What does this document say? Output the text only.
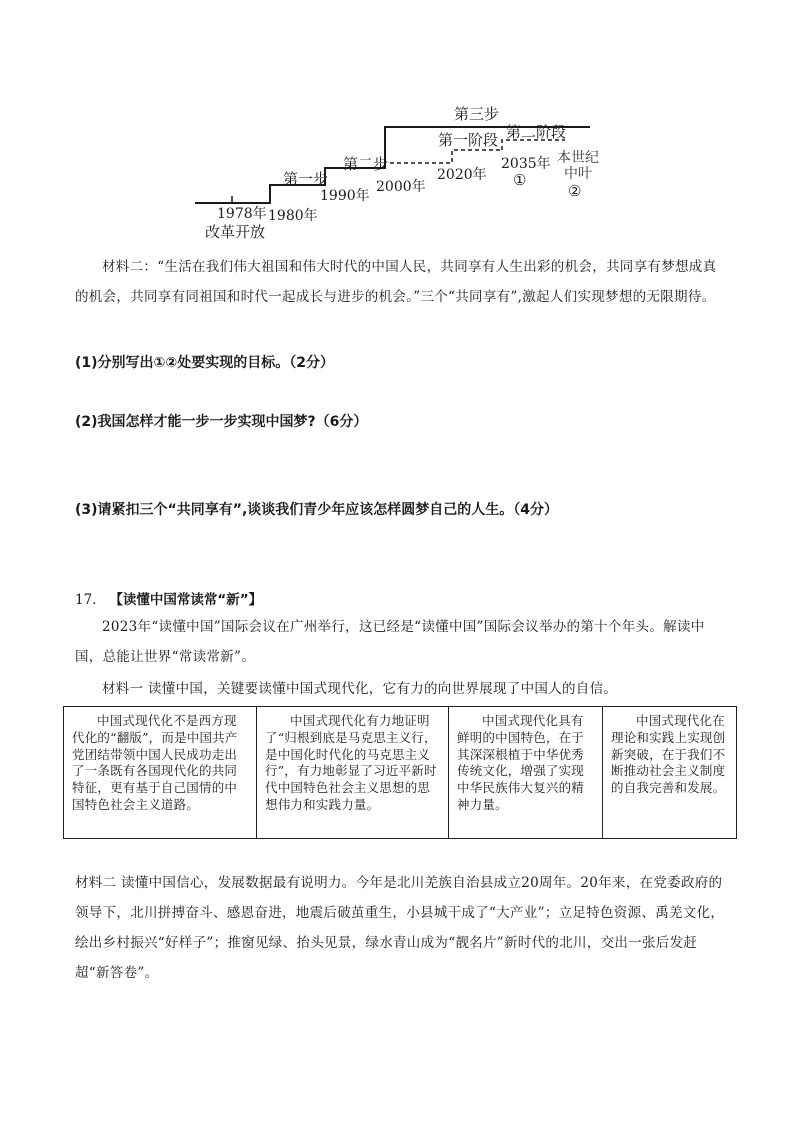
第三步
第一阶段 第二阶段
第二步
第一步	2000年
2020年
2035年
①
本世纪
中叶
②
1990年
1980年
1978年
改革开放
材料二：“生活在我们伟大祖国和伟大时代的中国人民，共同享有人生出彩的机会，共同享有梦想成真的机会，共同享有同祖国和时代一起成长与进步的机会。”三个“共同享有”,激起人们实现梦想的无限期待。
(1)分别写出①②处要实现的目标。（2分）
(2)我国怎样才能一步一步实现中国梦?（6分）
(3)请紧扣三个“共同享有”,谈谈我们青少年应该怎样圆梦自己的人生。（4分）
17. 【读懂中国常读常“新”】
2023年“读懂中国”国际会议在广州举行，这已经是“读懂中国”国际会议举办的第十个年头。解读中国，总能让世界“常读常新”。
材料一 读懂中国，关键要读懂中国式现代化，它有力的向世界展现了中国人的自信。
中国式现代化不是西方现代化的“翻版”，而是中国共产党团结带领中国人民成功走出了一条既有各国现代化的共同特征，更有基于自己国情的中国特色社会主义道路。
中国式现代化有力地证明了“归根到底是马克思主义行，是中国化时代化的马克思主义行”，有力地彰显了习近平新时代中国特色社会主义思想的思想伟力和实践力量。
中国式现代化具有鲜明的中国特色，在于其深深根植于中华优秀传统文化，增强了实现中华民族伟大复兴的精神力量。
中国式现代化在理论和实践上实现创新突破，在于我们不断推动社会主义制度的自我完善和发展。
材料二 读懂中国信心，发展数据最有说明力。今年是北川羌族自治县成立20周年。20年来，在党委政府的领导下，北川拼搏奋斗、感恩奋进，地震后破茧重生，小县城干成了“大产业”；立足特色资源、禹羌文化，绘出乡村振兴“好样子”；推窗见绿、抬头见景，绿水青山成为“靓名片”新时代的北川，交出一张后发赶超“新答卷”。
